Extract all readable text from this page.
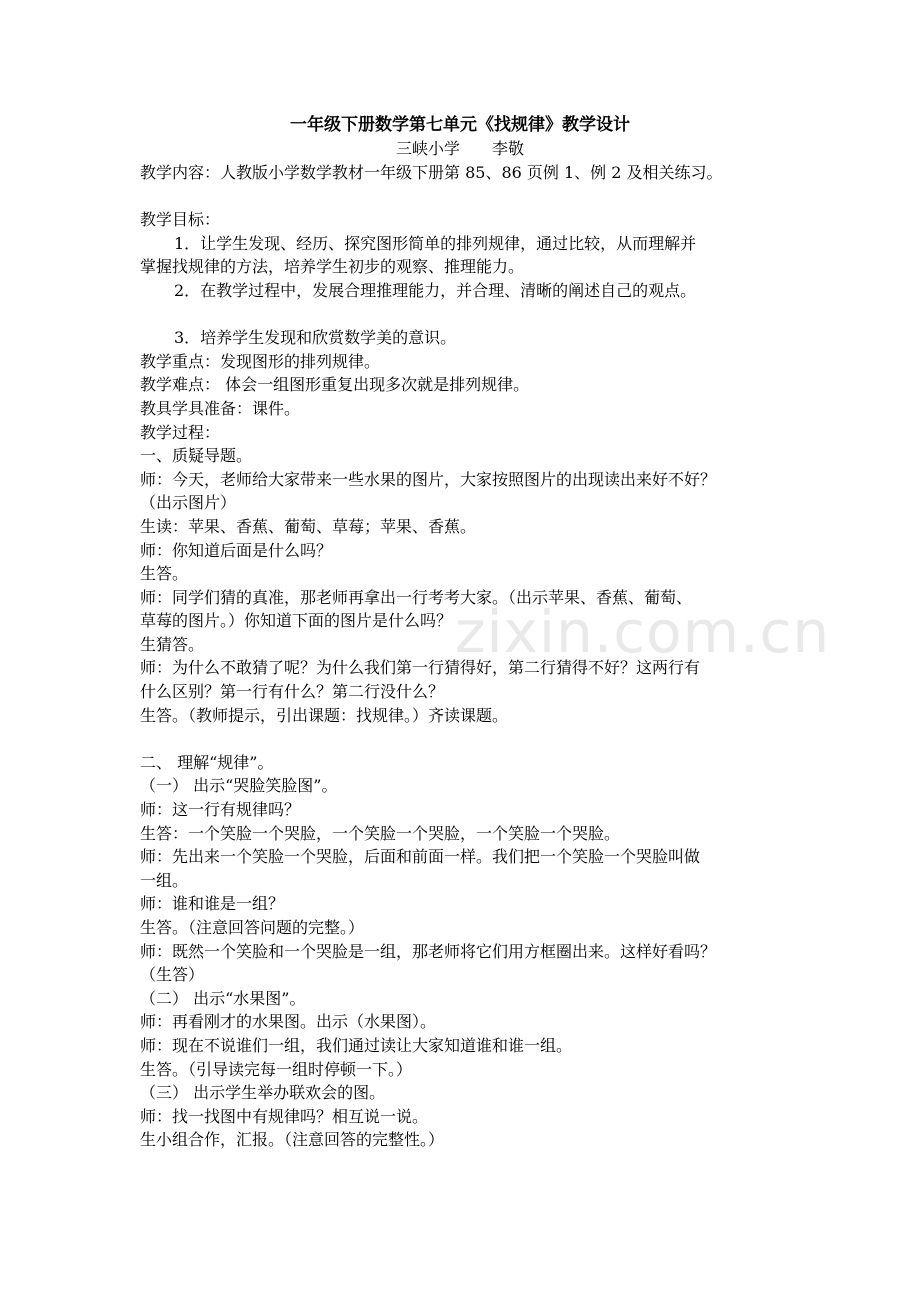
zixin.com.cn
一年级下册数学第七单元《找规律》教学设计
三峡小学 李敬
教学内容：人教版小学数学教材一年级下册第 85、86 页例 1、例 2 及相关练习。
教学目标：
1．让学生发现、经历、探究图形简单的排列规律，通过比较，从而理解并
掌握找规律的方法，培养学生初步的观察、推理能力。
2．在教学过程中，发展合理推理能力，并合理、清晰的阐述自己的观点。
3．培养学生发现和欣赏数学美的意识。
教学重点：发现图形的排列规律。
教学难点： 体会一组图形重复出现多次就是排列规律。
教具学具准备：课件。
教学过程：
一、质疑导题。
师：今天，老师给大家带来一些水果的图片，大家按照图片的出现读出来好不好？
（出示图片）
生读：苹果、香蕉、葡萄、草莓；苹果、香蕉。
师：你知道后面是什么吗？
生答。
师：同学们猜的真准，那老师再拿出一行考考大家。（出示苹果、香蕉、葡萄、
草莓的图片。）你知道下面的图片是什么吗？
生猜答。
师：为什么不敢猜了呢？为什么我们第一行猜得好，第二行猜得不好？这两行有
什么区别？第一行有什么？第二行没什么？
生答。（教师提示，引出课题：找规律。）齐读课题。
二、 理解“规律”。
（一） 出示“哭脸笑脸图”。
师：这一行有规律吗？
生答：一个笑脸一个哭脸，一个笑脸一个哭脸，一个笑脸一个哭脸。
师：先出来一个笑脸一个哭脸，后面和前面一样。我们把一个笑脸一个哭脸叫做
一组。
师：谁和谁是一组？
生答。（注意回答问题的完整。）
师：既然一个笑脸和一个哭脸是一组，那老师将它们用方框圈出来。这样好看吗？
（生答）
（二） 出示“水果图”。
师：再看刚才的水果图。出示（水果图）。
师：现在不说谁们一组，我们通过读让大家知道谁和谁一组。
生答。（引导读完每一组时停顿一下。）
（三） 出示学生举办联欢会的图。
师：找一找图中有规律吗？相互说一说。
生小组合作，汇报。（注意回答的完整性。）
